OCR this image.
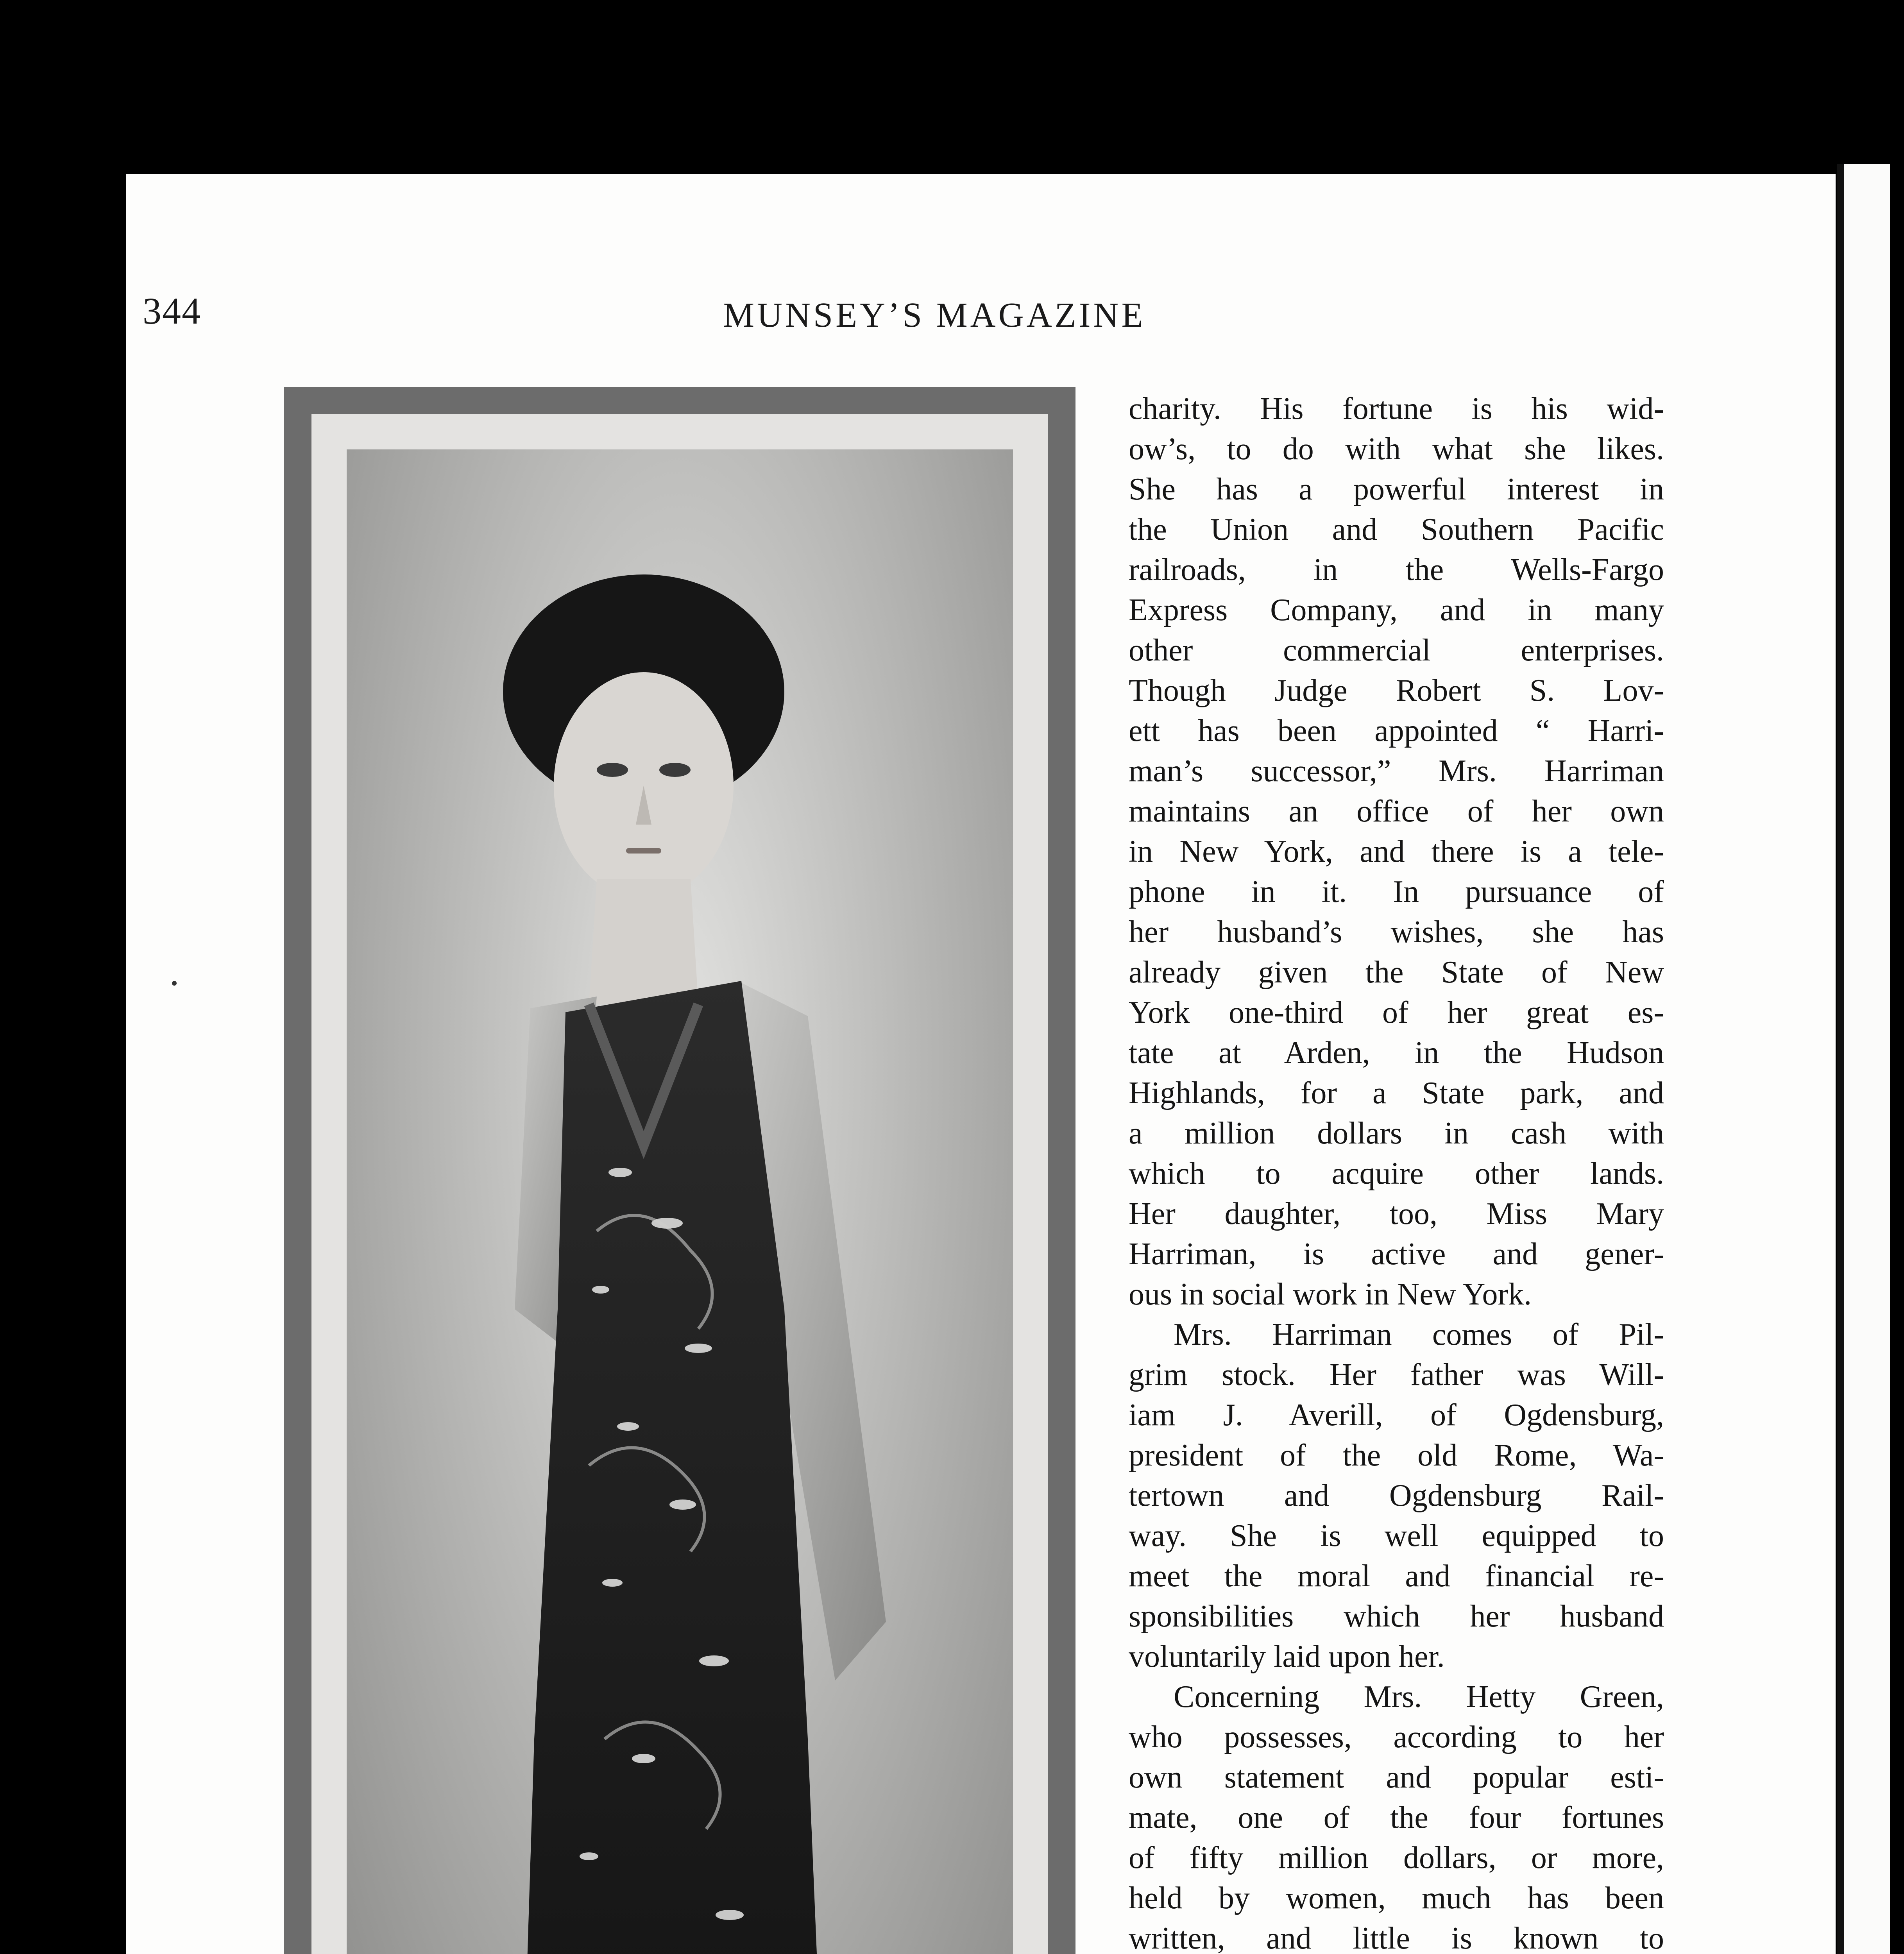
344	MUNSEY’S MAGAZINE
charity. His fortune is his wid-
ow’s, to do with what she likes.
She has a powerful interest in
the Union and Southern Pacific
railroads, in the Wells-Fargo
Express Company, and in many
other commercial enterprises.
Though Judge Robert S. Lov-
ett has been appointed “ Harri-
man’s successor,” Mrs. Harriman
maintains an office of her own
in New York, and there is a tele-
phone in it. In pursuance of
her husband’s wishes, she has
already given the State of New
York one-third of her great es-
tate at Arden, in the Hudson
Highlands, for a State park, and
a million dollars in cash with
which to acquire other lands.
Her daughter, too, Miss Mary
Harriman, is active and gener-
ous in social work in New York.
Mrs. Harriman comes of Pil-
grim stock. Her father was Will-
iam J. Averill, of Ogdensburg,
president of the old Rome, Wa-
tertown and Ogdensburg Rail-
way. She is well equipped to
meet the moral and financial re-
sponsibilities which her husband
voluntarily laid upon her.
Concerning Mrs. Hetty Green,
who possesses, according to her
own statement and popular esti-
mate, one of the four fortunes
of fifty million dollars, or more,
held by women, much has been
written, and little is known to
